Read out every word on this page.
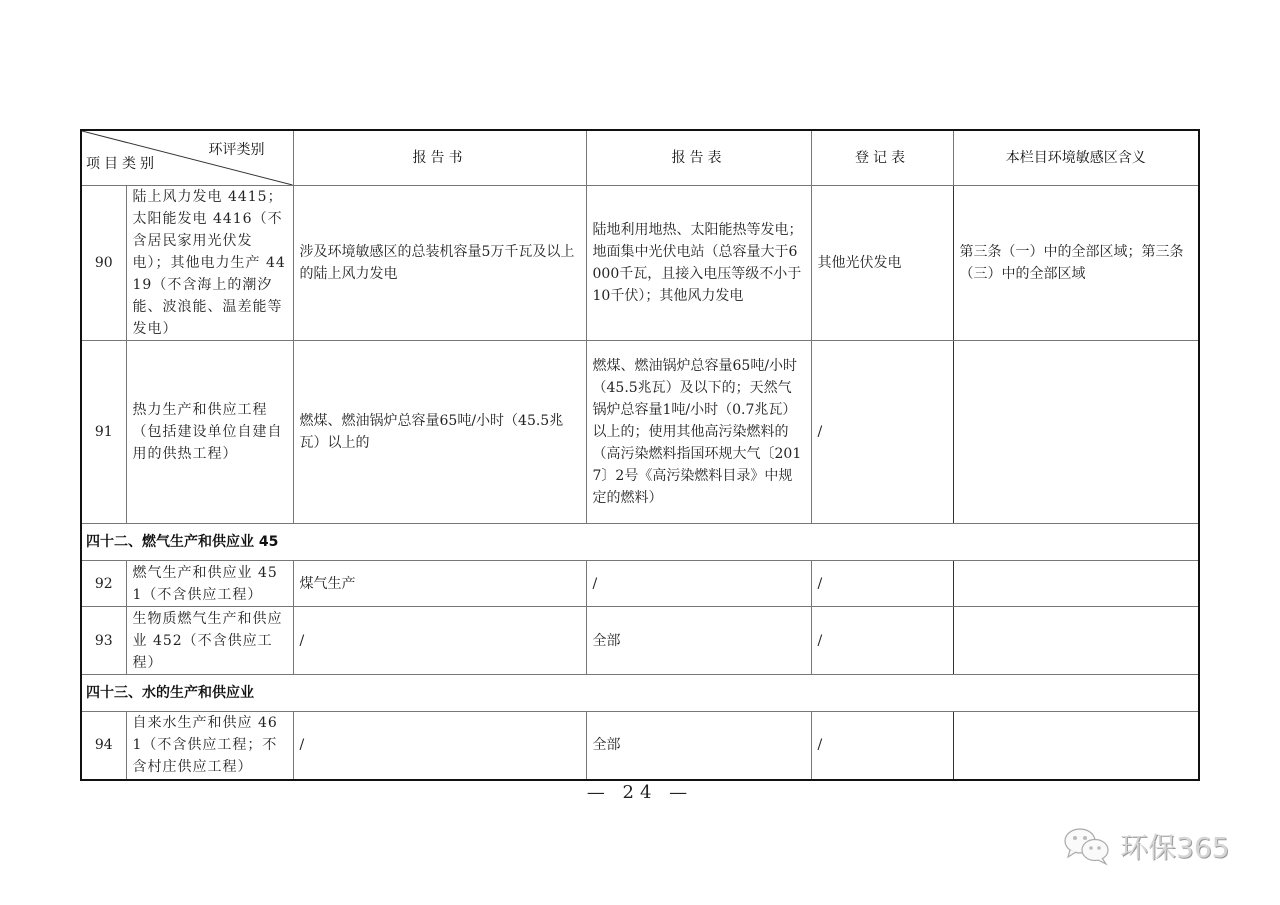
环评类别
项目类别		报告书	报告表	登记表	本栏目环境敏感区含义
90	陆上风力发电 4415；太阳能发电 4416（不含居民家用光伏发电）；其他电力生产 4419（不含海上的潮汐能、波浪能、温差能等发电）	涉及环境敏感区的总装机容量5万千瓦及以上的陆上风力发电	陆地利用地热、太阳能热等发电；地面集中光伏电站（总容量大于6000千瓦，且接入电压等级不小于10千伏）；其他风力发电	其他光伏发电	第三条（一）中的全部区域；第三条（三）中的全部区域
91	热力生产和供应工程（包括建设单位自建自用的供热工程）	燃煤、燃油锅炉总容量65吨/小时（45.5兆瓦）以上的	燃煤、燃油锅炉总容量65吨/小时（45.5兆瓦）及以下的；天然气锅炉总容量1吨/小时（0.7兆瓦）以上的；使用其他高污染燃料的（高污染燃料指国环规大气〔2017〕2号《高污染燃料目录》中规定的燃料）	/	
四十二、燃气生产和供应业 45					
92	燃气生产和供应业 451（不含供应工程）	煤气生产	/	/	
93	生物质燃气生产和供应业 452（不含供应工程）	/	全部	/	
四十三、水的生产和供应业					
94	自来水生产和供应 461（不含供应工程；不含村庄供应工程）	/	全部	/	
— 24 —
环保365
